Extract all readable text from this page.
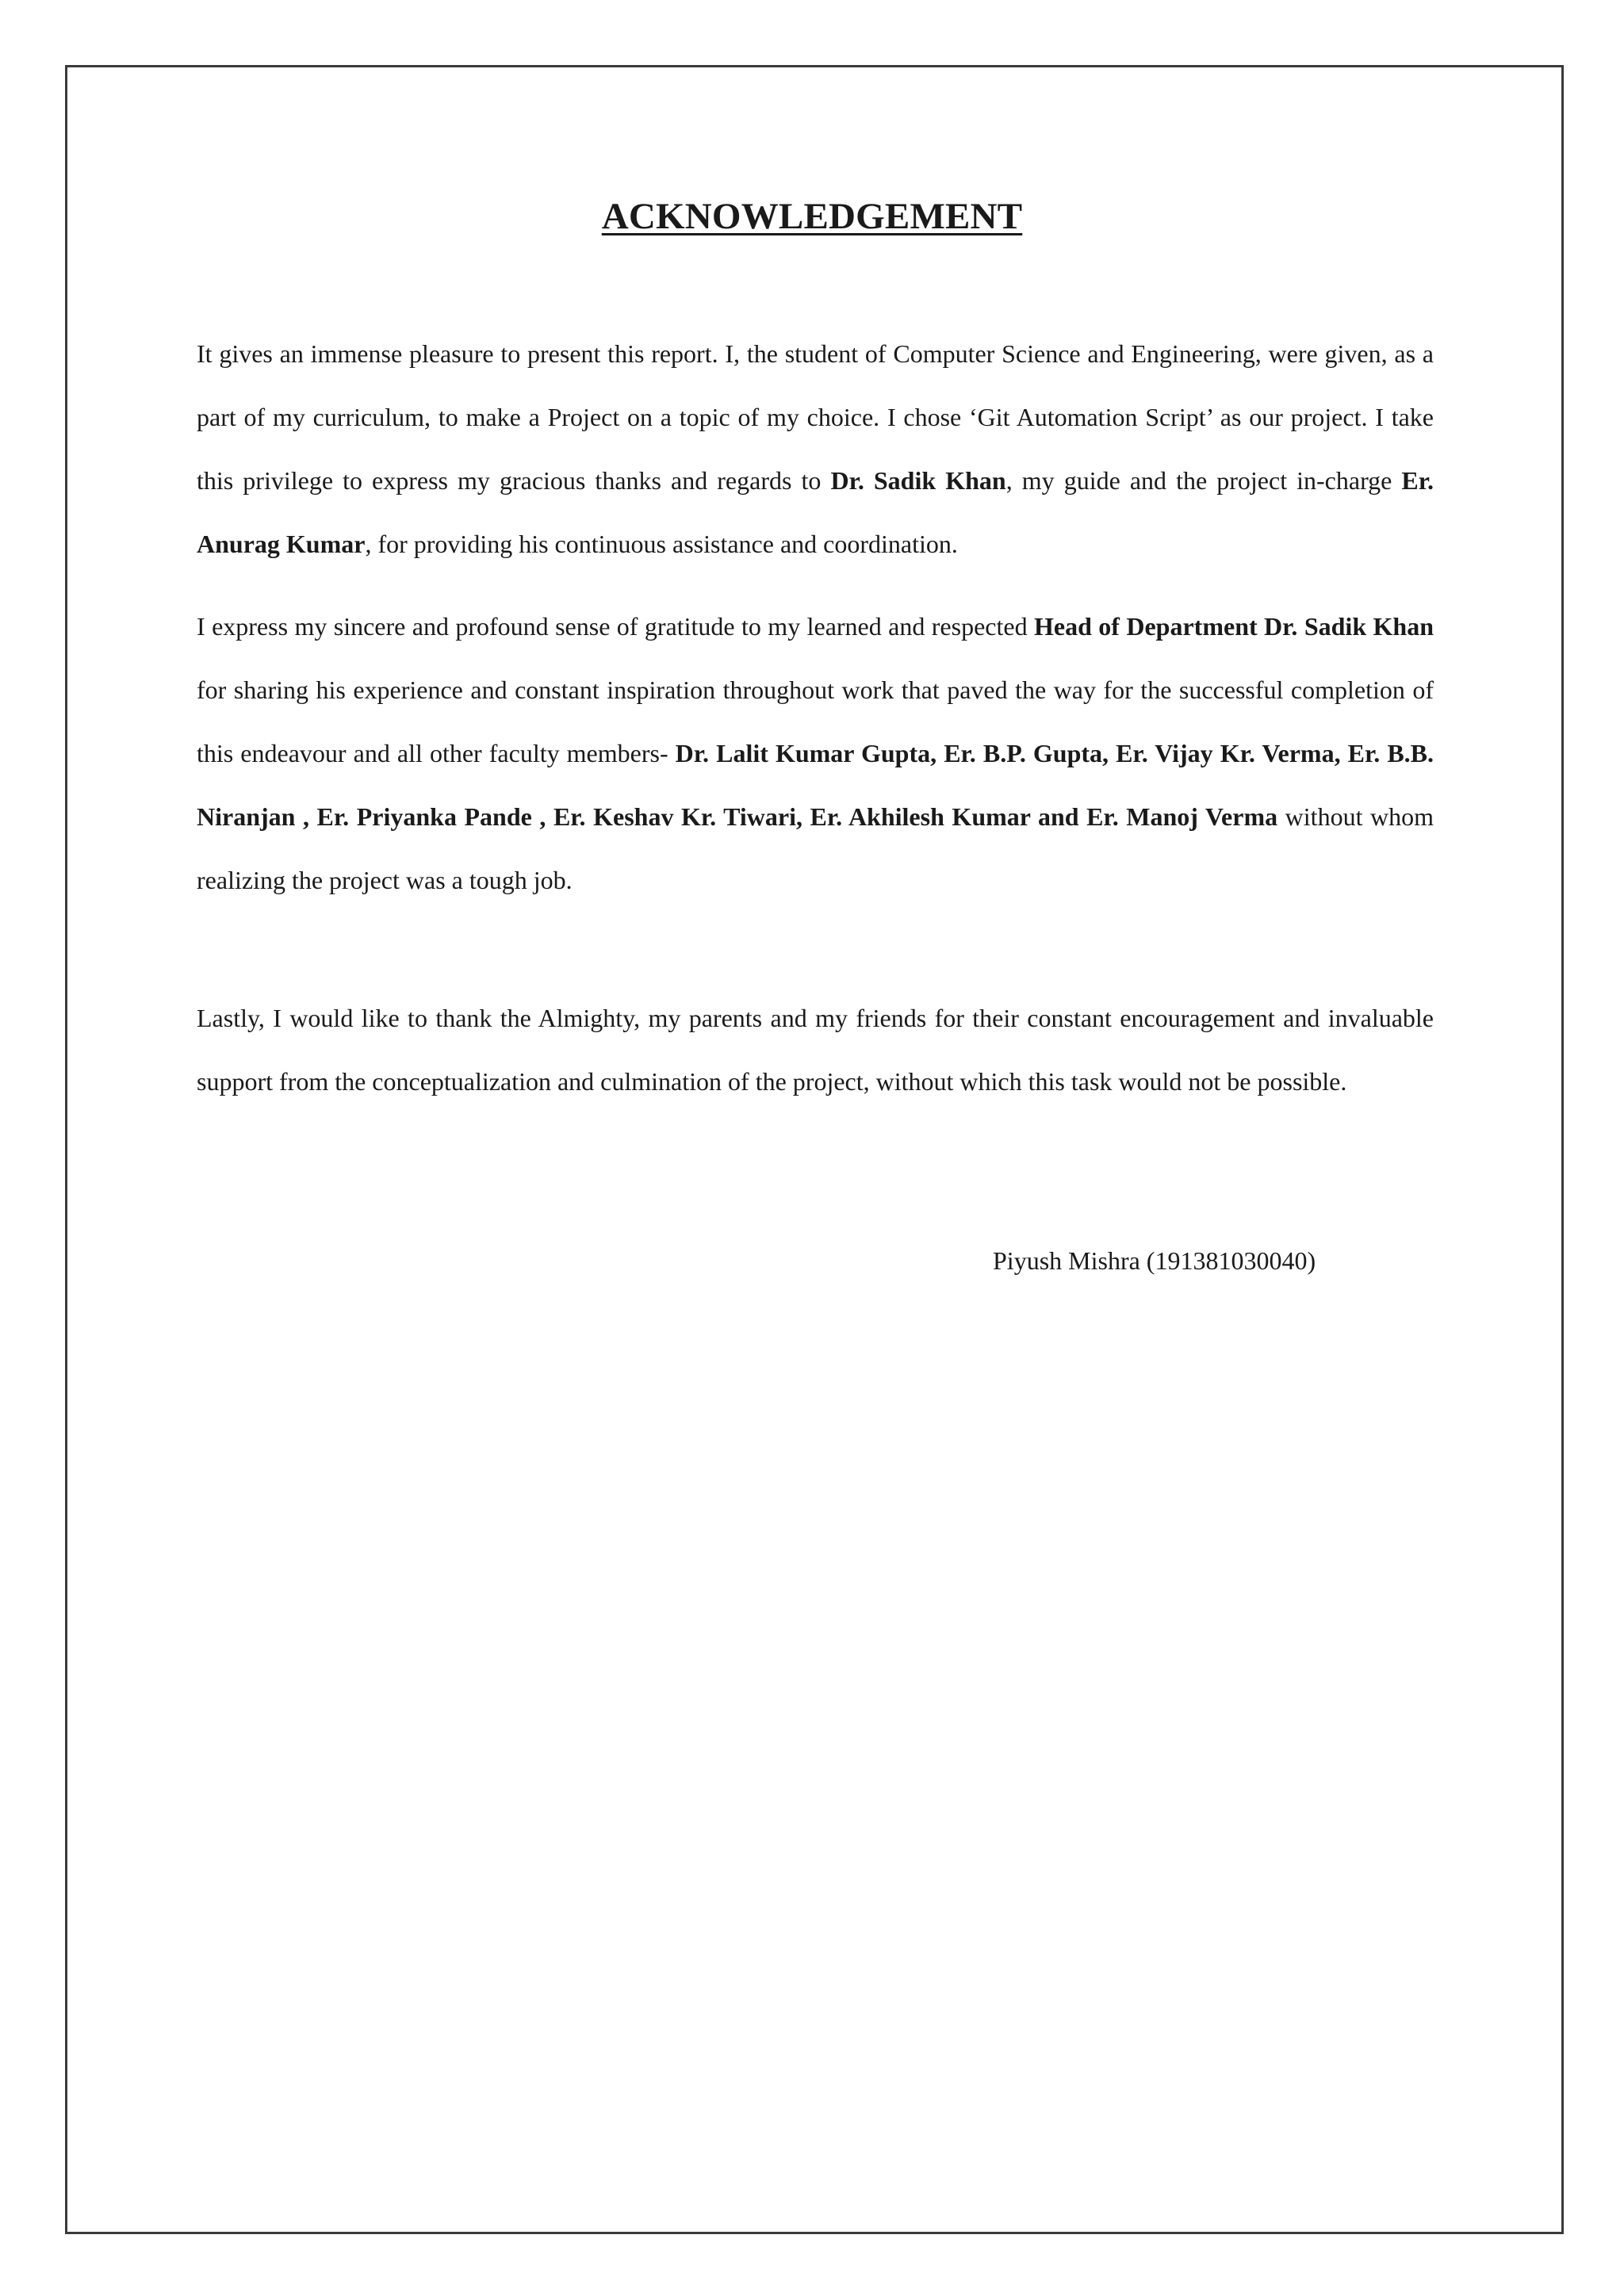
ACKNOWLEDGEMENT
It gives an immense pleasure to present this report. I, the student of Computer Science and Engineering, were given, as a part of my curriculum, to make a Project on a topic of my choice. I chose ‘Git Automation Script’ as our project. I take this privilege to express my gracious thanks and regards to Dr. Sadik Khan, my guide and the project in-charge Er. Anurag Kumar, for providing his continuous assistance and coordination.
I express my sincere and profound sense of gratitude to my learned and respected Head of Department Dr. Sadik Khan for sharing his experience and constant inspiration throughout work that paved the way for the successful completion of this endeavour and all other faculty members- Dr. Lalit Kumar Gupta, Er. B.P. Gupta, Er. Vijay Kr. Verma, Er. B.B. Niranjan , Er. Priyanka Pande , Er. Keshav Kr. Tiwari, Er. Akhilesh Kumar and Er. Manoj Verma without whom realizing the project was a tough job.
Lastly, I would like to thank the Almighty, my parents and my friends for their constant encouragement and invaluable support from the conceptualization and culmination of the project, without which this task would not be possible.
Piyush Mishra (191381030040)
